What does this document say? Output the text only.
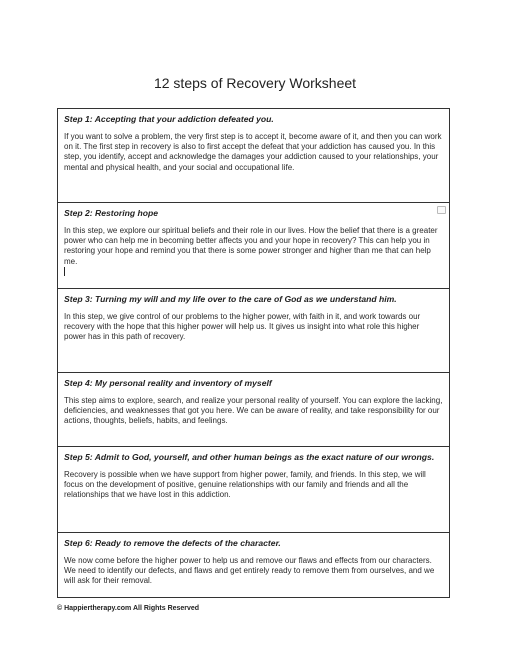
12 steps of Recovery Worksheet

Step 1: Accepting that your addiction defeated you.

If you want to solve a problem, the very first step is to accept it, become aware of it, and then you can work on it. The first step in recovery is also to first accept the defeat that your addiction has caused you. In this step, you identify, accept and acknowledge the damages your addiction caused to your relationships, your mental and physical health, and your social and occupational life.

Step 2: Restoring hope

In this step, we explore our spiritual beliefs and their role in our lives. How the belief that there is a greater power who can help me in becoming better affects you and your hope in recovery? This can help you in restoring your hope and remind you that there is some power stronger and higher than me that can help me.

Step 3: Turning my will and my life over to the care of God as we understand him.

In this step, we give control of our problems to the higher power, with faith in it, and work towards our recovery with the hope that this higher power will help us. It gives us insight into what role this higher power has in this path of recovery.

Step 4: My personal reality and inventory of myself

This step aims to explore, search, and realize your personal reality of yourself. You can explore the lacking, deficiencies, and weaknesses that got you here. We can be aware of reality, and take responsibility for our actions, thoughts, beliefs, habits, and feelings.

Step 5: Admit to God, yourself, and other human beings as the exact nature of our wrongs.

Recovery is possible when we have support from higher power, family, and friends. In this step, we will focus on the development of positive, genuine relationships with our family and friends and all the relationships that we have lost in this addiction.

Step 6: Ready to remove the defects of the character.

We now come before the higher power to help us and remove our flaws and effects from our characters. We need to identify our defects, and flaws and get entirely ready to remove them from ourselves, and we will ask for their removal.

© Happiertherapy.com All Rights Reserved
